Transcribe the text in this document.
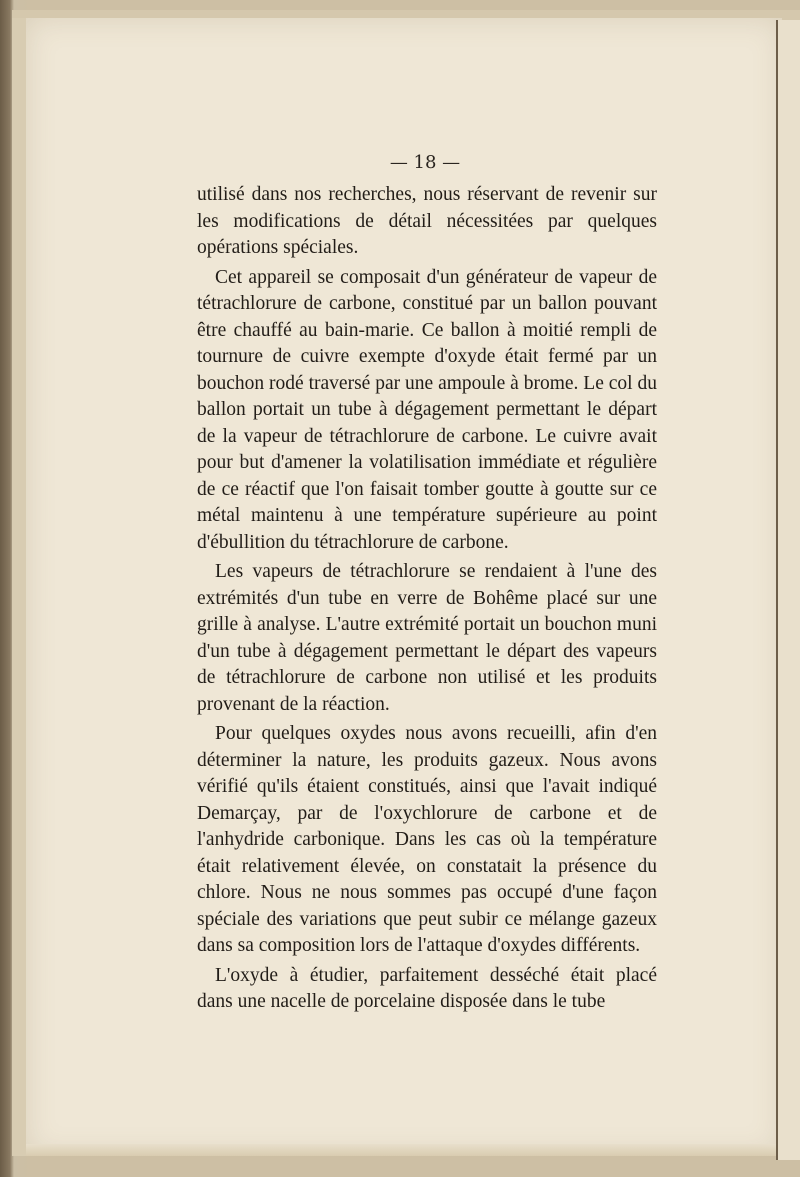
— 18 —

utilisé dans nos recherches, nous réservant de revenir sur les modifications de détail nécessitées par quelques opérations spéciales.

Cet appareil se composait d'un générateur de vapeur de tétrachlorure de carbone, constitué par un ballon pouvant être chauffé au bain-marie. Ce ballon à moitié rempli de tournure de cuivre exempte d'oxyde était fermé par un bouchon rodé traversé par une ampoule à brome. Le col du ballon portait un tube à dégagement permettant le départ de la vapeur de tétrachlorure de carbone. Le cuivre avait pour but d'amener la volatilisation immédiate et régulière de ce réactif que l'on faisait tomber goutte à goutte sur ce métal maintenu à une température supérieure au point d'ébullition du tétrachlorure de carbone.

Les vapeurs de tétrachlorure se rendaient à l'une des extrémités d'un tube en verre de Bohême placé sur une grille à analyse. L'autre extrémité portait un bouchon muni d'un tube à dégagement permettant le départ des vapeurs de tétrachlorure de carbone non utilisé et les produits provenant de la réaction.

Pour quelques oxydes nous avons recueilli, afin d'en déterminer la nature, les produits gazeux. Nous avons vérifié qu'ils étaient constitués, ainsi que l'avait indiqué Demarçay, par de l'oxychlorure de carbone et de l'anhydride carbonique. Dans les cas où la température était relativement élevée, on constatait la présence du chlore. Nous ne nous sommes pas occupé d'une façon spéciale des variations que peut subir ce mélange gazeux dans sa composition lors de l'attaque d'oxydes différents.

L'oxyde à étudier, parfaitement desséché était placé dans une nacelle de porcelaine disposée dans le tube
